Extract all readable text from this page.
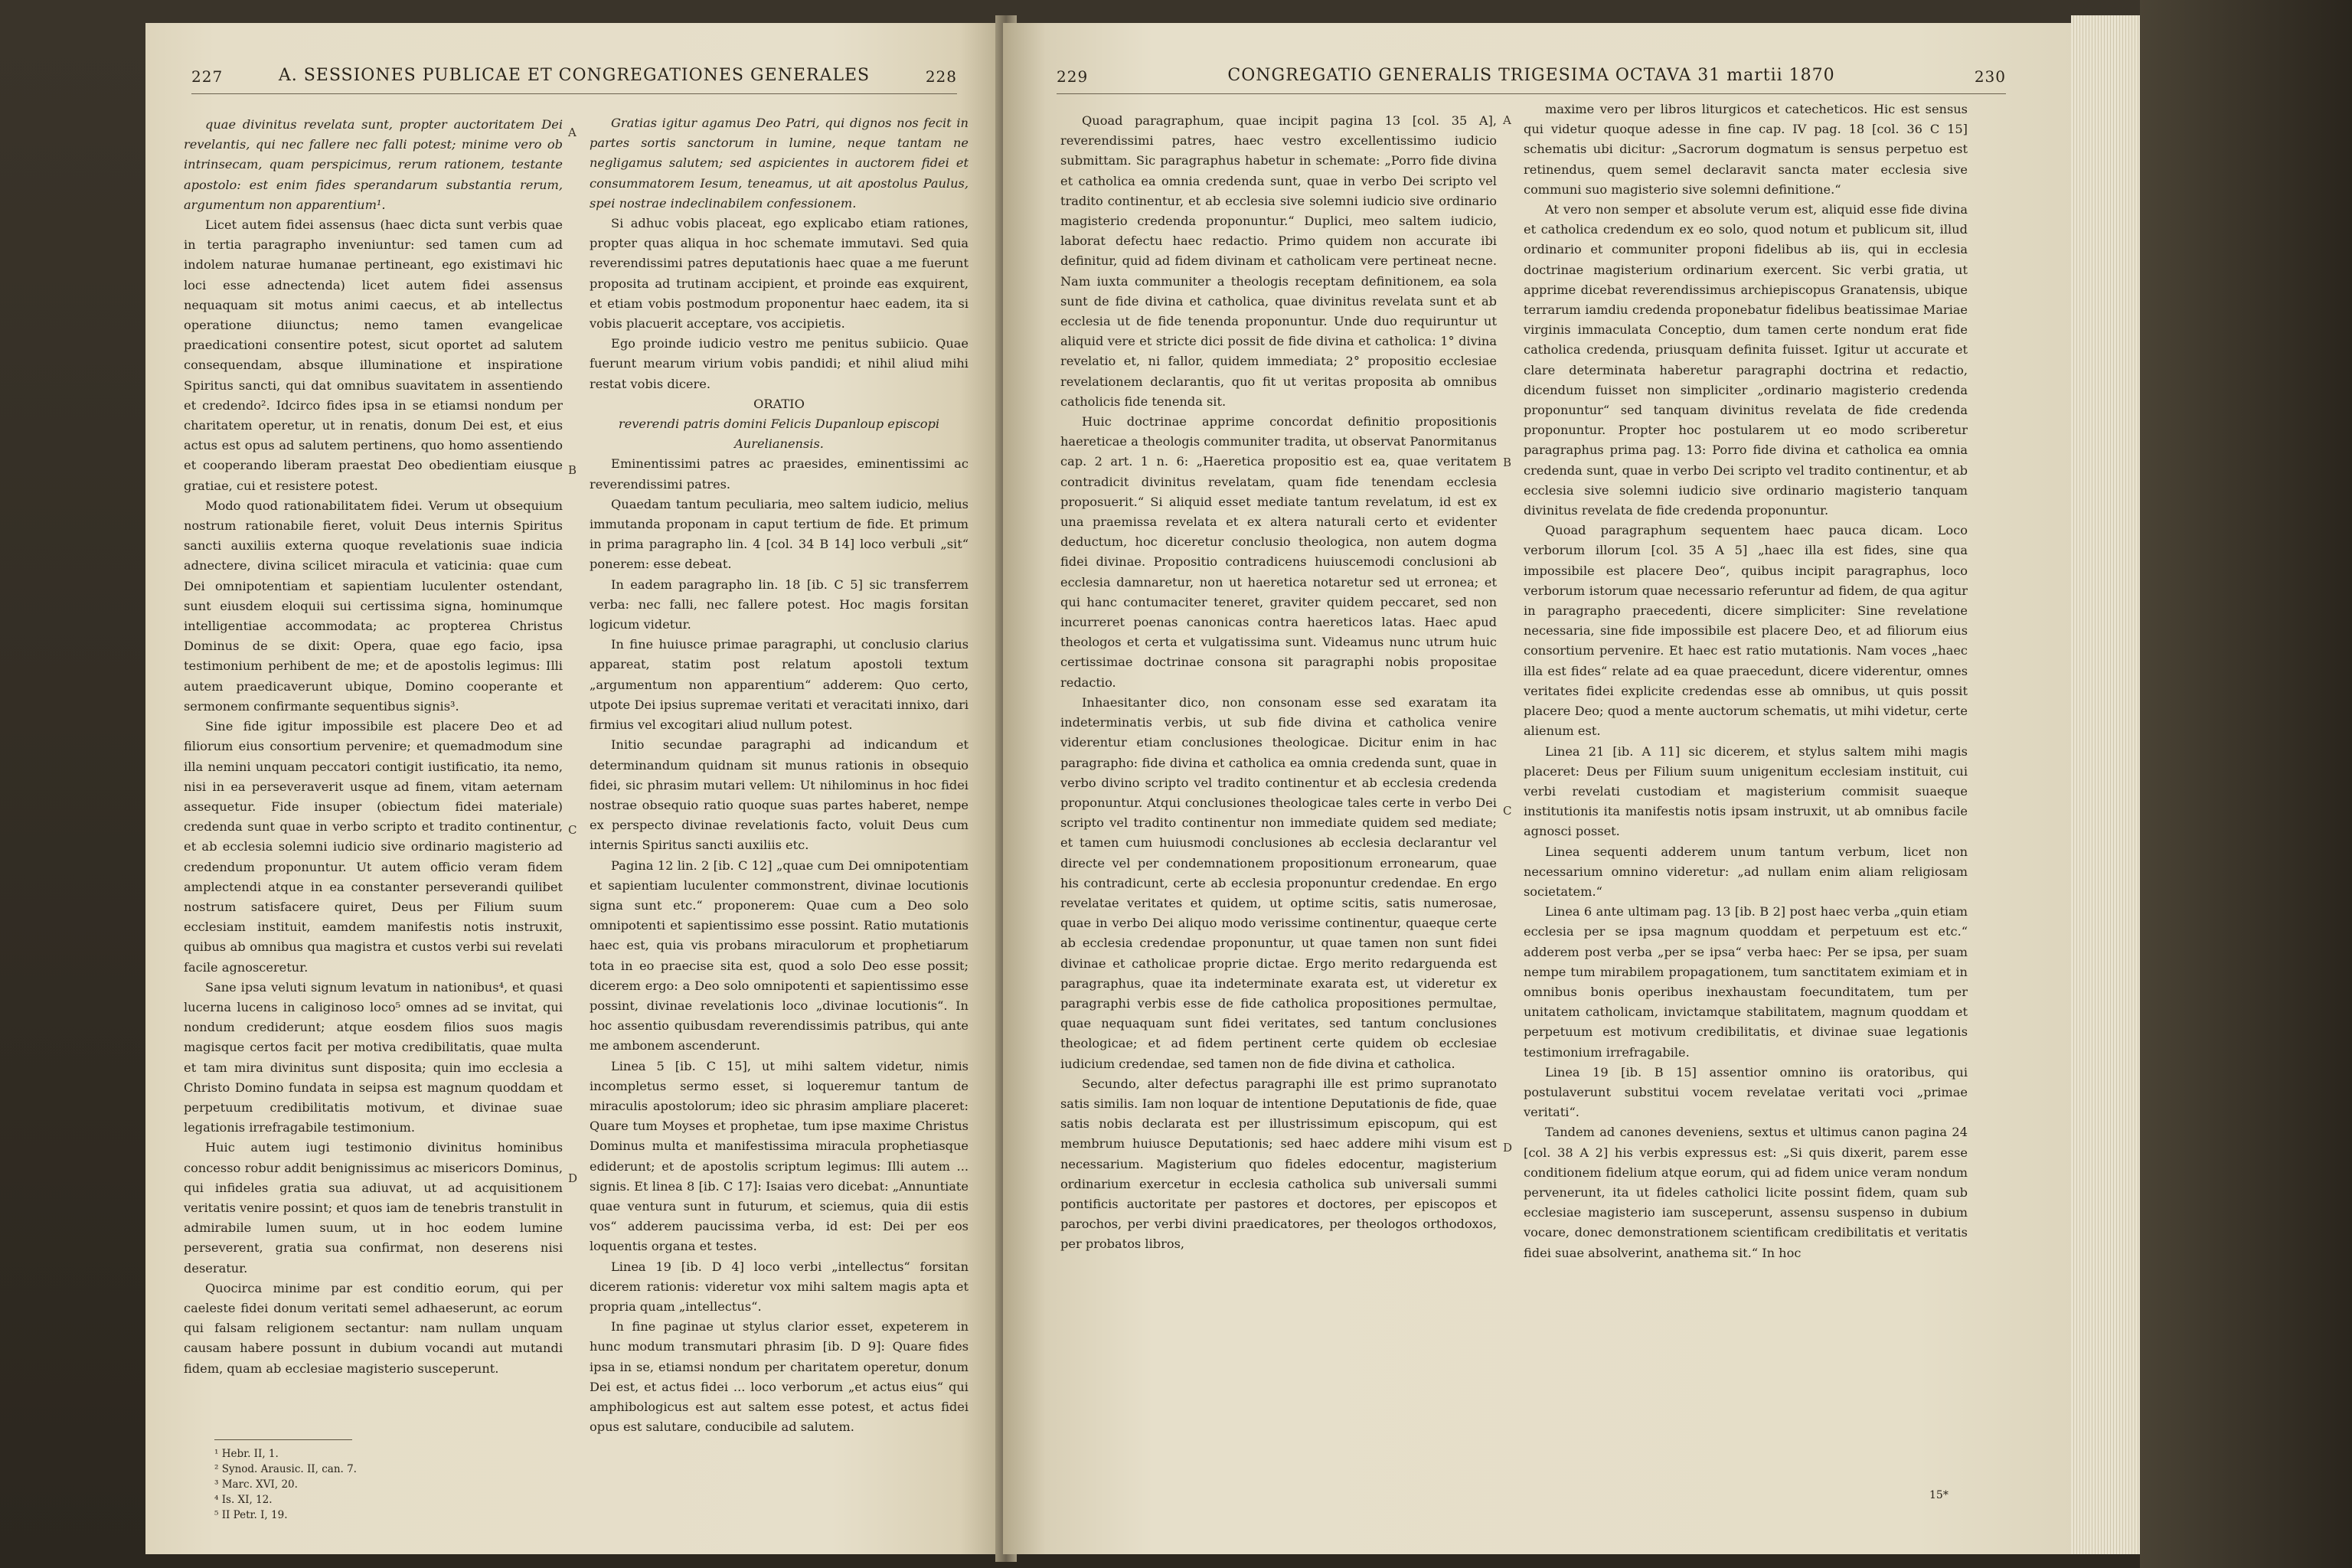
227	A. SESSIONES PUBLICAE ET CONGREGATIONES GENERALES	228

quae divinitus revelata sunt, propter auctoritatem Dei revelantis, qui nec fallere nec falli potest; minime vero ob intrinsecam, quam perspicimus, rerum rationem, testante apostolo: est enim fides sperandarum substantia rerum, argumentum non apparentium¹.

Licet autem fidei assensus (haec dicta sunt verbis quae in tertia paragrapho inveniuntur: sed tamen cum ad indolem naturae humanae pertineant, ego existimavi hic loci esse adnectenda) licet autem fidei assensus nequaquam sit motus animi caecus, et ab intellectus operatione diiunctus; nemo tamen evangelicae praedicationi consentire potest, sicut oportet ad salutem consequendam, absque illuminatione et inspiratione Spiritus sancti, qui dat omnibus suavitatem in assentiendo et credendo². Idcirco fides ipsa in se etiamsi nondum per charitatem operetur, ut in renatis, donum Dei est, et eius actus est opus ad salutem pertinens, quo homo assentiendo et cooperando liberam praestat Deo obedientiam eiusque gratiae, cui et resistere potest.

Modo quod rationabilitatem fidei. Verum ut obsequium nostrum rationabile fieret, voluit Deus internis Spiritus sancti auxiliis externa quoque revelationis suae indicia adnectere, divina scilicet miracula et vaticinia: quae cum Dei omnipotentiam et sapientiam luculenter ostendant, sunt eiusdem eloquii sui certissima signa, hominumque intelligentiae accommodata; ac propterea Christus Dominus de se dixit: Opera, quae ego facio, ipsa testimonium perhibent de me; et de apostolis legimus: Illi autem praedicaverunt ubique, Domino cooperante et sermonem confirmante sequentibus signis³.

Sine fide igitur impossibile est placere Deo et ad filiorum eius consortium pervenire; et quemadmodum sine illa nemini unquam peccatori contigit iustificatio, ita nemo, nisi in ea perseveraverit usque ad finem, vitam aeternam assequetur. Fide insuper (obiectum fidei materiale) credenda sunt quae in verbo scripto et tradito continentur, et ab ecclesia solemni iudicio sive ordinario magisterio ad credendum proponuntur. Ut autem officio veram fidem amplectendi atque in ea constanter perseverandi quilibet nostrum satisfacere quiret, Deus per Filium suum ecclesiam instituit, eamdem manifestis notis instruxit, quibus ab omnibus qua magistra et custos verbi sui revelati facile agnosceretur.

Sane ipsa veluti signum levatum in nationibus⁴, et quasi lucerna lucens in caliginoso loco⁵ omnes ad se invitat, qui nondum crediderunt; atque eosdem filios suos magis magisque certos facit per motiva credibilitatis, quae multa et tam mira divinitus sunt disposita; quin imo ecclesia a Christo Domino fundata in seipsa est magnum quoddam et perpetuum credibilitatis motivum, et divinae suae legationis irrefragabile testimonium.

Huic autem iugi testimonio divinitus hominibus concesso robur addit benignissimus ac misericors Dominus, qui infideles gratia sua adiuvat, ut ad acquisitionem veritatis venire possint; et quos iam de tenebris transtulit in admirabile lumen suum, ut in hoc eodem lumine perseverent, gratia sua confirmat, non deserens nisi deseratur.

Quocirca minime par est conditio eorum, qui per caeleste fidei donum veritati semel adhaeserunt, ac eorum qui falsam religionem sectantur: nam nullam unquam causam habere possunt in dubium vocandi aut mutandi fidem, quam ab ecclesiae magisterio susceperunt.

Gratias igitur agamus Deo Patri, qui dignos nos fecit in partes sortis sanctorum in lumine, neque tantam ne negligamus salutem; sed aspicientes in auctorem fidei et consummatorem Iesum, teneamus, ut ait apostolus Paulus, spei nostrae indeclinabilem confessionem.

Si adhuc vobis placeat, ego explicabo etiam rationes, propter quas aliqua in hoc schemate immutavi. Sed quia reverendissimi patres deputationis haec quae a me fuerunt proposita ad trutinam accipient, et proinde eas exquirent, et etiam vobis postmodum proponentur haec eadem, ita si vobis placuerit acceptare, vos accipietis.

Ego proinde iudicio vestro me penitus subiicio. Quae fuerunt mearum virium vobis pandidi; et nihil aliud mihi restat vobis dicere.

ORATIO

reverendi patris domini Felicis Dupanloup episcopi Aurelianensis.

Eminentissimi patres ac praesides, eminentissimi ac reverendissimi patres.

Quaedam tantum peculiaria, meo saltem iudicio, melius immutanda proponam in caput tertium de fide. Et primum in prima paragrapho lin. 4 [col. 34 B 14] loco verbuli „sit“ ponerem: esse debeat.

In eadem paragrapho lin. 18 [ib. C 5] sic transferrem verba: nec falli, nec fallere potest. Hoc magis forsitan logicum videtur.

In fine huiusce primae paragraphi, ut conclusio clarius appareat, statim post relatum apostoli textum „argumentum non apparentium“ adderem: Quo certo, utpote Dei ipsius supremae veritati et veracitati innixo, dari firmius vel excogitari aliud nullum potest.

Initio secundae paragraphi ad indicandum et determinandum quidnam sit munus rationis in obsequio fidei, sic phrasim mutari vellem: Ut nihilominus in hoc fidei nostrae obsequio ratio quoque suas partes haberet, nempe ex perspecto divinae revelationis facto, voluit Deus cum internis Spiritus sancti auxiliis etc.

Pagina 12 lin. 2 [ib. C 12] „quae cum Dei omnipotentiam et sapientiam luculenter commonstrent, divinae locutionis signa sunt etc.“ proponerem: Quae cum a Deo solo omnipotenti et sapientissimo esse possint. Ratio mutationis haec est, quia vis probans miraculorum et prophetiarum tota in eo praecise sita est, quod a solo Deo esse possit; dicerem ergo: a Deo solo omnipotenti et sapientissimo esse possint, divinae revelationis loco „divinae locutionis“. In hoc assentio quibusdam reverendissimis patribus, qui ante me ambonem ascenderunt.

Linea 5 [ib. C 15], ut mihi saltem videtur, nimis incompletus sermo esset, si loqueremur tantum de miraculis apostolorum; ideo sic phrasim ampliare placeret: Quare tum Moyses et prophetae, tum ipse maxime Christus Dominus multa et manifestissima miracula prophetiasque ediderunt; et de apostolis scriptum legimus: Illi autem ... signis. Et linea 8 [ib. C 17]: Isaias vero dicebat: „Annuntiate quae ventura sunt in futurum, et sciemus, quia dii estis vos“ adderem paucissima verba, id est: Dei per eos loquentis organa et testes.

Linea 19 [ib. D 4] loco verbi „intellectus“ forsitan dicerem rationis: videretur vox mihi saltem magis apta et propria quam „intellectus“.

In fine paginae ut stylus clarior esset, expeterem in hunc modum transmutari phrasim [ib. D 9]: Quare fides ipsa in se, etiamsi nondum per charitatem operetur, donum Dei est, et actus fidei ... loco verborum „et actus eius“ qui amphibologicus est aut saltem esse potest, et actus fidei opus est salutare, conducibile ad salutem.

A
B
C
D
¹ Hebr. II, 1.
² Synod. Arausic. II, can. 7.
³ Marc. XVI, 20.
⁴ Is. XI, 12.
⁵ II Petr. I, 19.
229	CONGREGATIO GENERALIS TRIGESIMA OCTAVA 31 martii 1870	230

Quoad paragraphum, quae incipit pagina 13 [col. 35 A], reverendissimi patres, haec vestro excellentissimo iudicio submittam. Sic paragraphus habetur in schemate: „Porro fide divina et catholica ea omnia credenda sunt, quae in verbo Dei scripto vel tradito continentur, et ab ecclesia sive solemni iudicio sive ordinario magisterio credenda proponuntur.“ Duplici, meo saltem iudicio, laborat defectu haec redactio. Primo quidem non accurate ibi definitur, quid ad fidem divinam et catholicam vere pertineat necne. Nam iuxta communiter a theologis receptam definitionem, ea sola sunt de fide divina et catholica, quae divinitus revelata sunt et ab ecclesia ut de fide tenenda proponuntur. Unde duo requiruntur ut aliquid vere et stricte dici possit de fide divina et catholica: 1° divina revelatio et, ni fallor, quidem immediata; 2° propositio ecclesiae revelationem declarantis, quo fit ut veritas proposita ab omnibus catholicis fide tenenda sit.

Huic doctrinae apprime concordat definitio propositionis haereticae a theologis communiter tradita, ut observat Panormitanus cap. 2 art. 1 n. 6: „Haeretica propositio est ea, quae veritatem contradicit divinitus revelatam, quam fide tenendam ecclesia proposuerit.“ Si aliquid esset mediate tantum revelatum, id est ex una praemissa revelata et ex altera naturali certo et evidenter deductum, hoc diceretur conclusio theologica, non autem dogma fidei divinae. Propositio contradicens huiuscemodi conclusioni ab ecclesia damnaretur, non ut haeretica notaretur sed ut erronea; et qui hanc contumaciter teneret, graviter quidem peccaret, sed non incurreret poenas canonicas contra haereticos latas. Haec apud theologos et certa et vulgatissima sunt. Videamus nunc utrum huic certissimae doctrinae consona sit paragraphi nobis propositae redactio.

Inhaesitanter dico, non consonam esse sed exaratam ita indeterminatis verbis, ut sub fide divina et catholica venire viderentur etiam conclusiones theologicae. Dicitur enim in hac paragrapho: fide divina et catholica ea omnia credenda sunt, quae in verbo divino scripto vel tradito continentur et ab ecclesia credenda proponuntur. Atqui conclusiones theologicae tales certe in verbo Dei scripto vel tradito continentur non immediate quidem sed mediate; et tamen cum huiusmodi conclusiones ab ecclesia declarantur vel directe vel per condemnationem propositionum erronearum, quae his contradicunt, certe ab ecclesia proponuntur credendae. En ergo revelatae veritates et quidem, ut optime scitis, satis numerosae, quae in verbo Dei aliquo modo verissime continentur, quaeque certe ab ecclesia credendae proponuntur, ut quae tamen non sunt fidei divinae et catholicae proprie dictae. Ergo merito redarguenda est paragraphus, quae ita indeterminate exarata est, ut videretur ex paragraphi verbis esse de fide catholica propositiones permultae, quae nequaquam sunt fidei veritates, sed tantum conclusiones theologicae; et ad fidem pertinent certe quidem ob ecclesiae iudicium credendae, sed tamen non de fide divina et catholica.

Secundo, alter defectus paragraphi ille est primo supranotato satis similis. Iam non loquar de intentione Deputationis de fide, quae satis nobis declarata est per illustrissimum episcopum, qui est membrum huiusce Deputationis; sed haec addere mihi visum est necessarium. Magisterium quo fideles edocentur, magisterium ordinarium exercetur in ecclesia catholica sub universali summi pontificis auctoritate per pastores et doctores, per episcopos et parochos, per verbi divini praedicatores, per theologos orthodoxos, per probatos libros,

maxime vero per libros liturgicos et catecheticos. Hic est sensus qui videtur quoque adesse in fine cap. IV pag. 18 [col. 36 C 15] schematis ubi dicitur: „Sacrorum dogmatum is sensus perpetuo est retinendus, quem semel declaravit sancta mater ecclesia sive communi suo magisterio sive solemni definitione.“

At vero non semper et absolute verum est, aliquid esse fide divina et catholica credendum ex eo solo, quod notum et publicum sit, illud ordinario et communiter proponi fidelibus ab iis, qui in ecclesia doctrinae magisterium ordinarium exercent. Sic verbi gratia, ut apprime dicebat reverendissimus archiepiscopus Granatensis, ubique terrarum iamdiu credenda proponebatur fidelibus beatissimae Mariae virginis immaculata Conceptio, dum tamen certe nondum erat fide catholica credenda, priusquam definita fuisset. Igitur ut accurate et clare determinata haberetur paragraphi doctrina et redactio, dicendum fuisset non simpliciter „ordinario magisterio credenda proponuntur“ sed tanquam divinitus revelata de fide credenda proponuntur. Propter hoc postularem ut eo modo scriberetur paragraphus prima pag. 13: Porro fide divina et catholica ea omnia credenda sunt, quae in verbo Dei scripto vel tradito continentur, et ab ecclesia sive solemni iudicio sive ordinario magisterio tanquam divinitus revelata de fide credenda proponuntur.

Quoad paragraphum sequentem haec pauca dicam. Loco verborum illorum [col. 35 A 5] „haec illa est fides, sine qua impossibile est placere Deo“, quibus incipit paragraphus, loco verborum istorum quae necessario referuntur ad fidem, de qua agitur in paragrapho praecedenti, dicere simpliciter: Sine revelatione necessaria, sine fide impossibile est placere Deo, et ad filiorum eius consortium pervenire. Et haec est ratio mutationis. Nam voces „haec illa est fides“ relate ad ea quae praecedunt, dicere viderentur, omnes veritates fidei explicite credendas esse ab omnibus, ut quis possit placere Deo; quod a mente auctorum schematis, ut mihi videtur, certe alienum est.

Linea 21 [ib. A 11] sic dicerem, et stylus saltem mihi magis placeret: Deus per Filium suum unigenitum ecclesiam instituit, cui verbi revelati custodiam et magisterium commisit suaeque institutionis ita manifestis notis ipsam instruxit, ut ab omnibus facile agnosci posset.

Linea sequenti adderem unum tantum verbum, licet non necessarium omnino videretur: „ad nullam enim aliam religiosam societatem.“

Linea 6 ante ultimam pag. 13 [ib. B 2] post haec verba „quin etiam ecclesia per se ipsa magnum quoddam et perpetuum est etc.“ adderem post verba „per se ipsa“ verba haec: Per se ipsa, per suam nempe tum mirabilem propagationem, tum sanctitatem eximiam et in omnibus bonis operibus inexhaustam foecunditatem, tum per unitatem catholicam, invictamque stabilitatem, magnum quoddam et perpetuum est motivum credibilitatis, et divinae suae legationis testimonium irrefragabile.

Linea 19 [ib. B 15] assentior omnino iis oratoribus, qui postulaverunt substitui vocem revelatae veritati voci „primae veritati“.

Tandem ad canones deveniens, sextus et ultimus canon pagina 24 [col. 38 A 2] his verbis expressus est: „Si quis dixerit, parem esse conditionem fidelium atque eorum, qui ad fidem unice veram nondum pervenerunt, ita ut fideles catholici licite possint fidem, quam sub ecclesiae magisterio iam susceperunt, assensu suspenso in dubium vocare, donec demonstrationem scientificam credibilitatis et veritatis fidei suae absolverint, anathema sit.“ In hoc

A
B
C
D
15*
